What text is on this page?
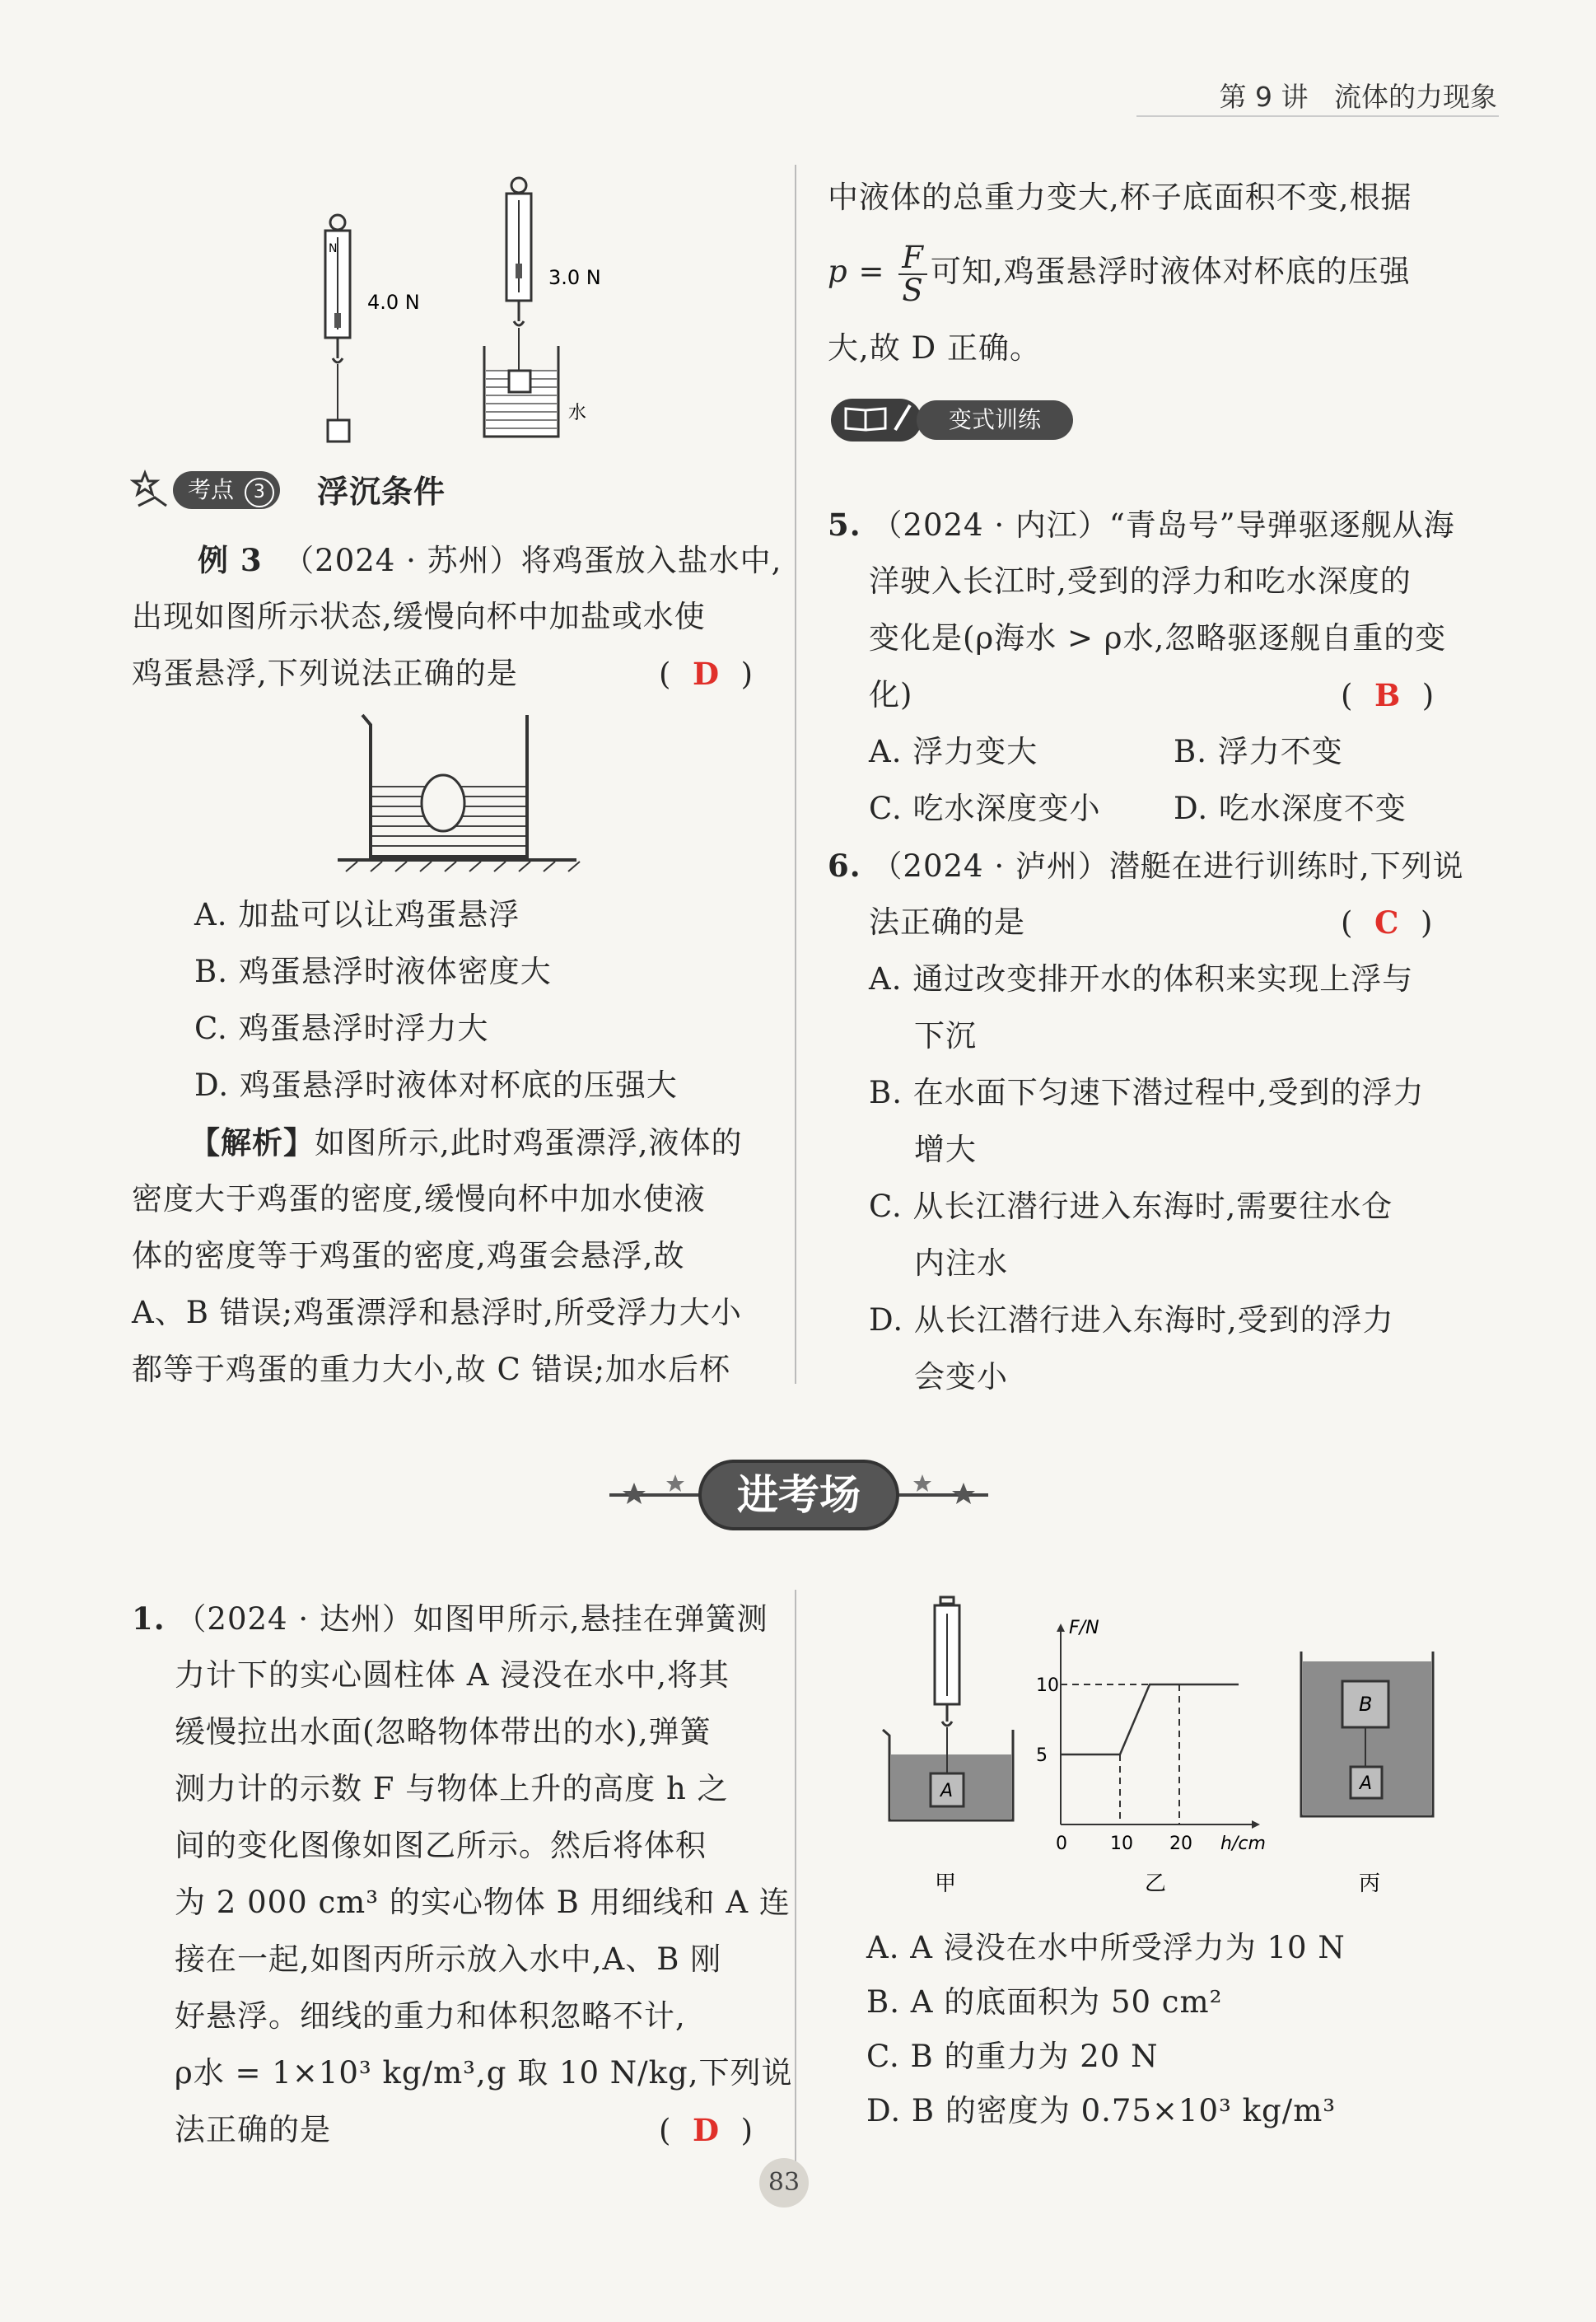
第 9 讲 流体的力现象
N
4.0 N
3.0 N
水
考点 3	浮沉条件
例 3 （2024 · 苏州）将鸡蛋放入盐水中,
出现如图所示状态,缓慢向杯中加盐或水使
鸡蛋悬浮,下列说法正确的是	(  D  )
A. 加盐可以让鸡蛋悬浮
B. 鸡蛋悬浮时液体密度大
C. 鸡蛋悬浮时浮力大
D. 鸡蛋悬浮时液体对杯底的压强大
【解析】如图所示,此时鸡蛋漂浮,液体的
密度大于鸡蛋的密度,缓慢向杯中加水使液
体的密度等于鸡蛋的密度,鸡蛋会悬浮,故
A、B 错误;鸡蛋漂浮和悬浮时,所受浮力大小
都等于鸡蛋的重力大小,故 C 错误;加水后杯
中液体的总重力变大,杯子底面积不变,根据
$p = \frac{F}{S}$ 可知,鸡蛋悬浮时液体对杯底的压强
大,故 D 正确。
变式训练
5. （2024 · 内江）“青岛号”导弹驱逐舰从海
洋驶入长江时,受到的浮力和吃水深度的
变化是(ρ海水 > ρ水,忽略驱逐舰自重的变
化)	(  B  )
A. 浮力变大	B. 浮力不变
C. 吃水深度变小 D. 吃水深度不变
6. （2024 · 泸州）潜艇在进行训练时,下列说
法正确的是	(  C  )
A. 通过改变排开水的体积来实现上浮与
下沉
B. 在水面下匀速下潜过程中,受到的浮力
增大
C. 从长江潜行进入东海时,需要往水仓
内注水
D. 从长江潜行进入东海时,受到的浮力
会变小
进考场
1. （2024 · 达州）如图甲所示,悬挂在弹簧测
力计下的实心圆柱体 A 浸没在水中,将其
缓慢拉出水面(忽略物体带出的水),弹簧
测力计的示数 F 与物体上升的高度 h 之
间的变化图像如图乙所示。然后将体积
为 2 000 cm³ 的实心物体 B 用细线和 A 连
接在一起,如图丙所示放入水中,A、B 刚
好悬浮。细线的重力和体积忽略不计,
ρ水 = 1×10³ kg/m³,g 取 10 N/kg,下列说
法正确的是	(  D  )
A
甲
F/N
h/cm
5
10
0 10 20
乙
B
A
丙
A. A 浸没在水中所受浮力为 10 N
B. A 的底面积为 50 cm²
C. B 的重力为 20 N
D. B 的密度为 0.75×10³ kg/m³
83
